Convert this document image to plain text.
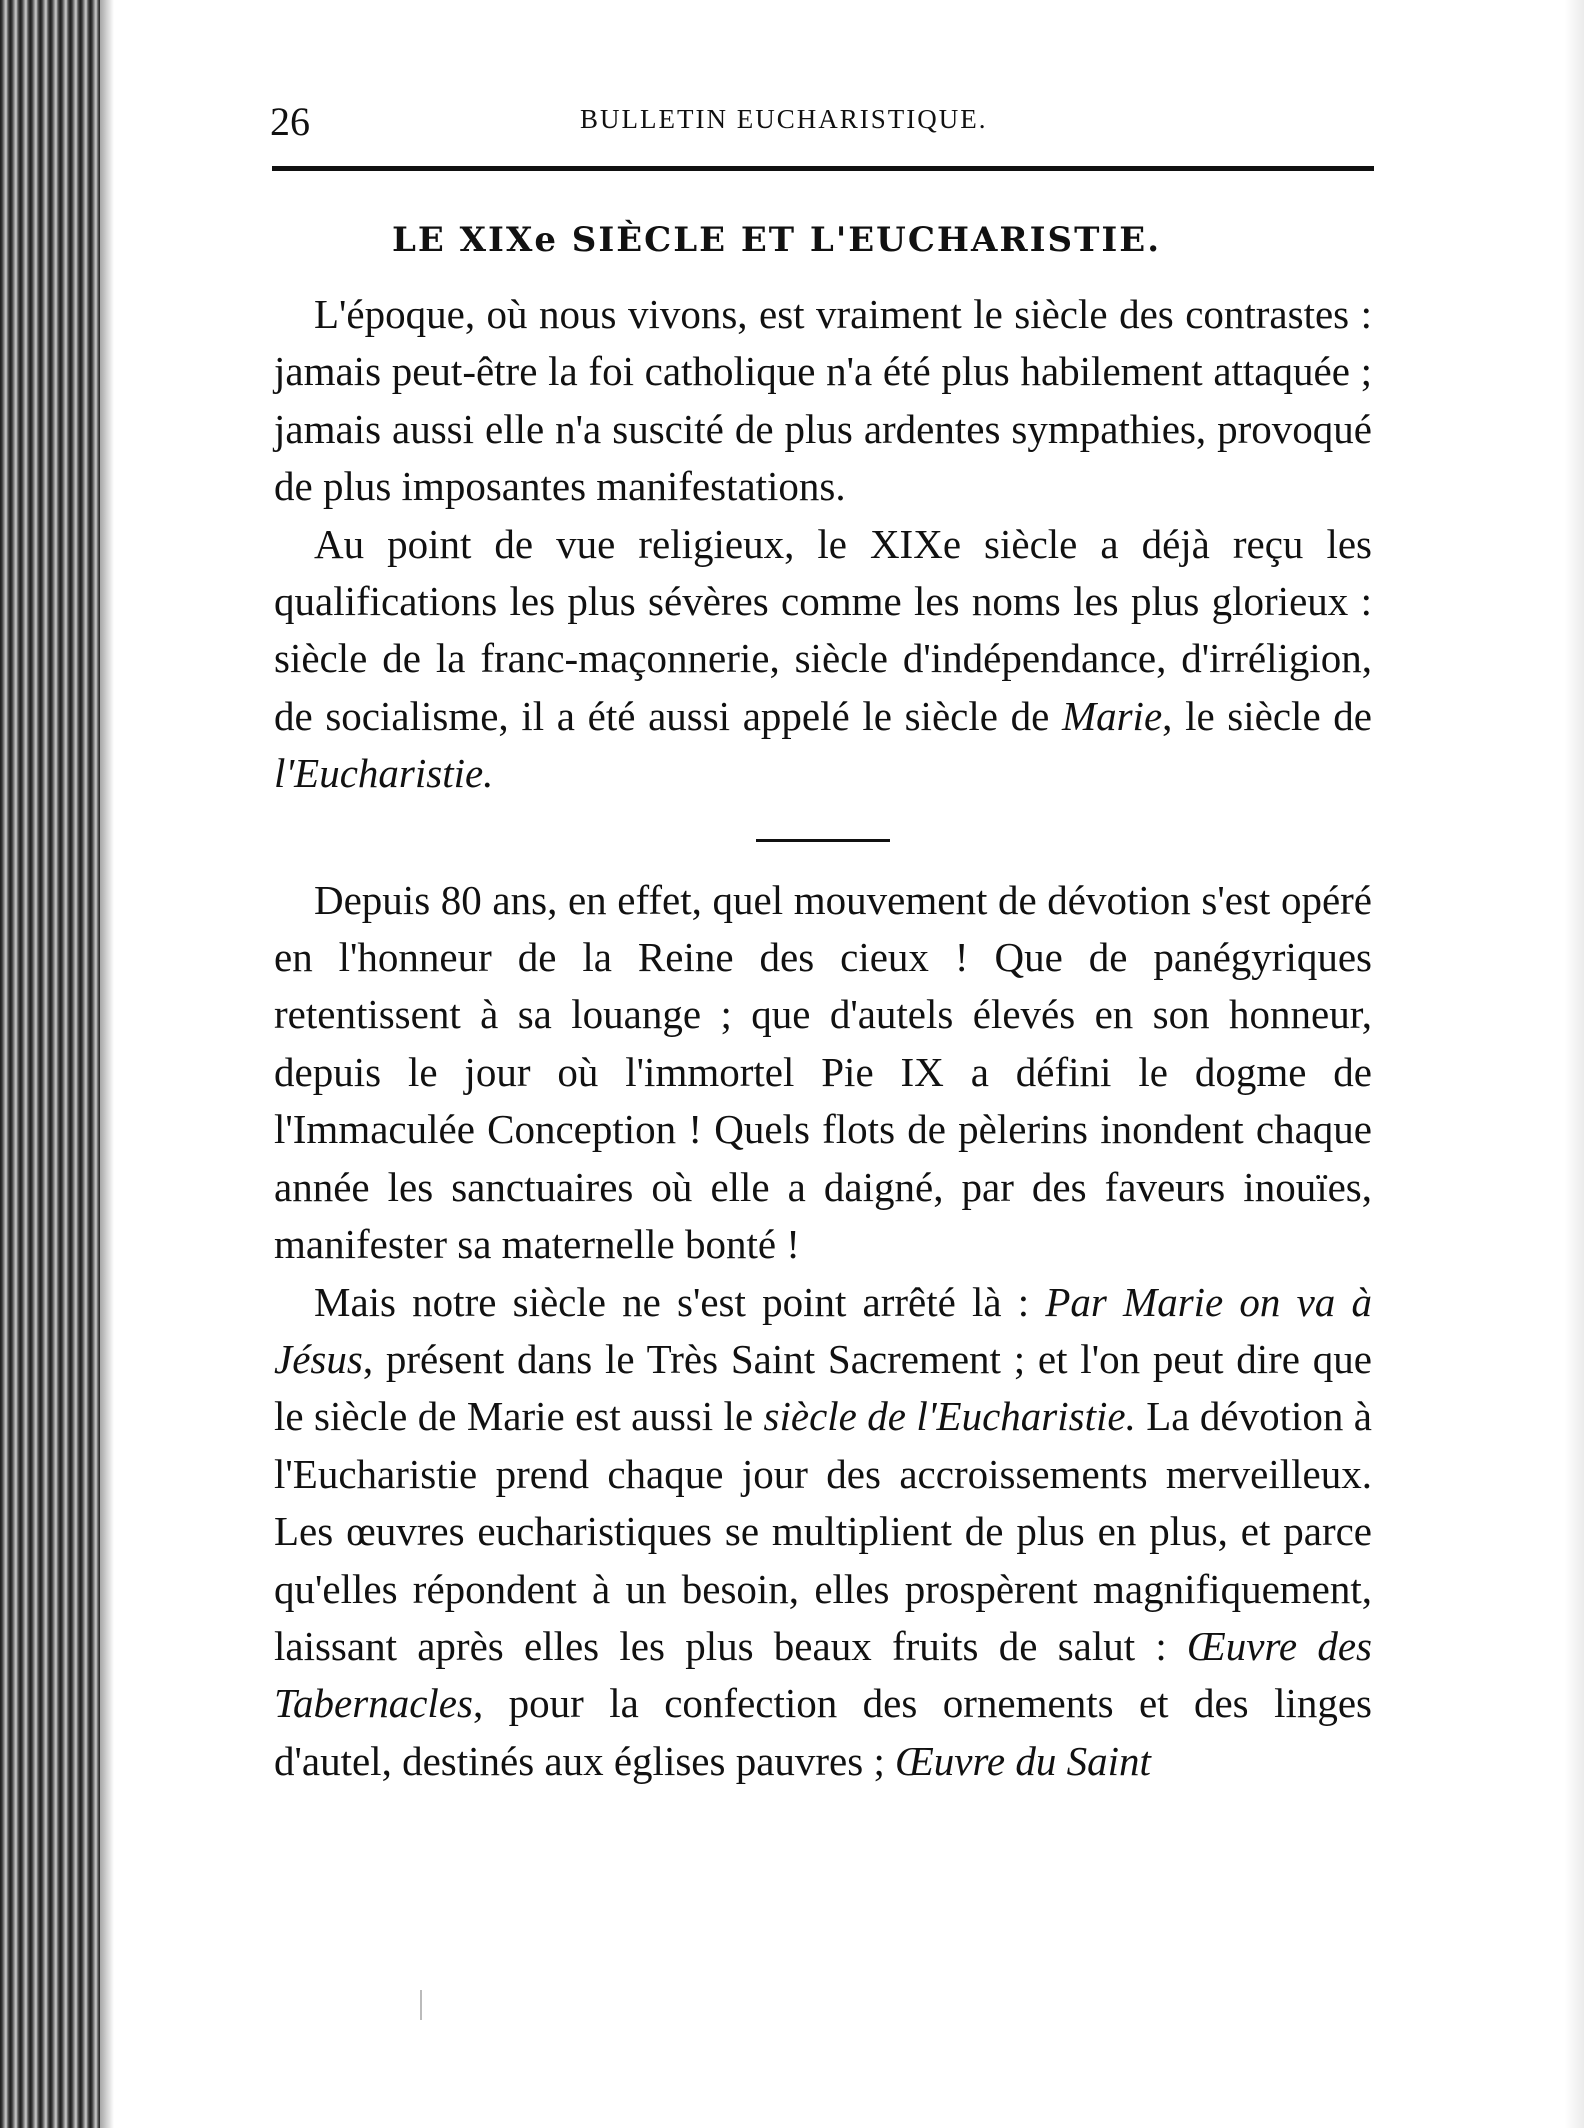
26	BULLETIN EUCHARISTIQUE.
LE XIXe SIÈCLE ET L'EUCHARISTIE.

L'époque, où nous vivons, est vraiment le siècle des contrastes : jamais peut-être la foi catholique n'a été plus habilement attaquée ; jamais aussi elle n'a suscité de plus ardentes sympathies, provoqué de plus imposantes manifestations.

Au point de vue religieux, le XIXe siècle a déjà reçu les qualifications les plus sévères comme les noms les plus glorieux : siècle de la franc-maçonnerie, siècle d'indépendance, d'irréligion, de socialisme, il a été aussi appelé le siècle de Marie, le siècle de l'Eucharistie.

Depuis 80 ans, en effet, quel mouvement de dévotion s'est opéré en l'honneur de la Reine des cieux ! Que de panégyriques retentissent à sa louange ; que d'autels élevés en son honneur, depuis le jour où l'immortel Pie IX a défini le dogme de l'Immaculée Conception ! Quels flots de pèlerins inondent chaque année les sanctuaires où elle a daigné, par des faveurs inouïes, manifester sa maternelle bonté !

Mais notre siècle ne s'est point arrêté là : Par Marie on va à Jésus, présent dans le Très Saint Sacrement ; et l'on peut dire que le siècle de Marie est aussi le siècle de l'Eucharistie. La dévotion à l'Eucharistie prend chaque jour des accroissements merveilleux. Les œuvres eucharistiques se multiplient de plus en plus, et parce qu'elles répondent à un besoin, elles prospèrent magnifiquement, laissant après elles les plus beaux fruits de salut : Œuvre des Tabernacles, pour la confection des ornements et des linges d'autel, destinés aux églises pauvres ; Œuvre du Saint
